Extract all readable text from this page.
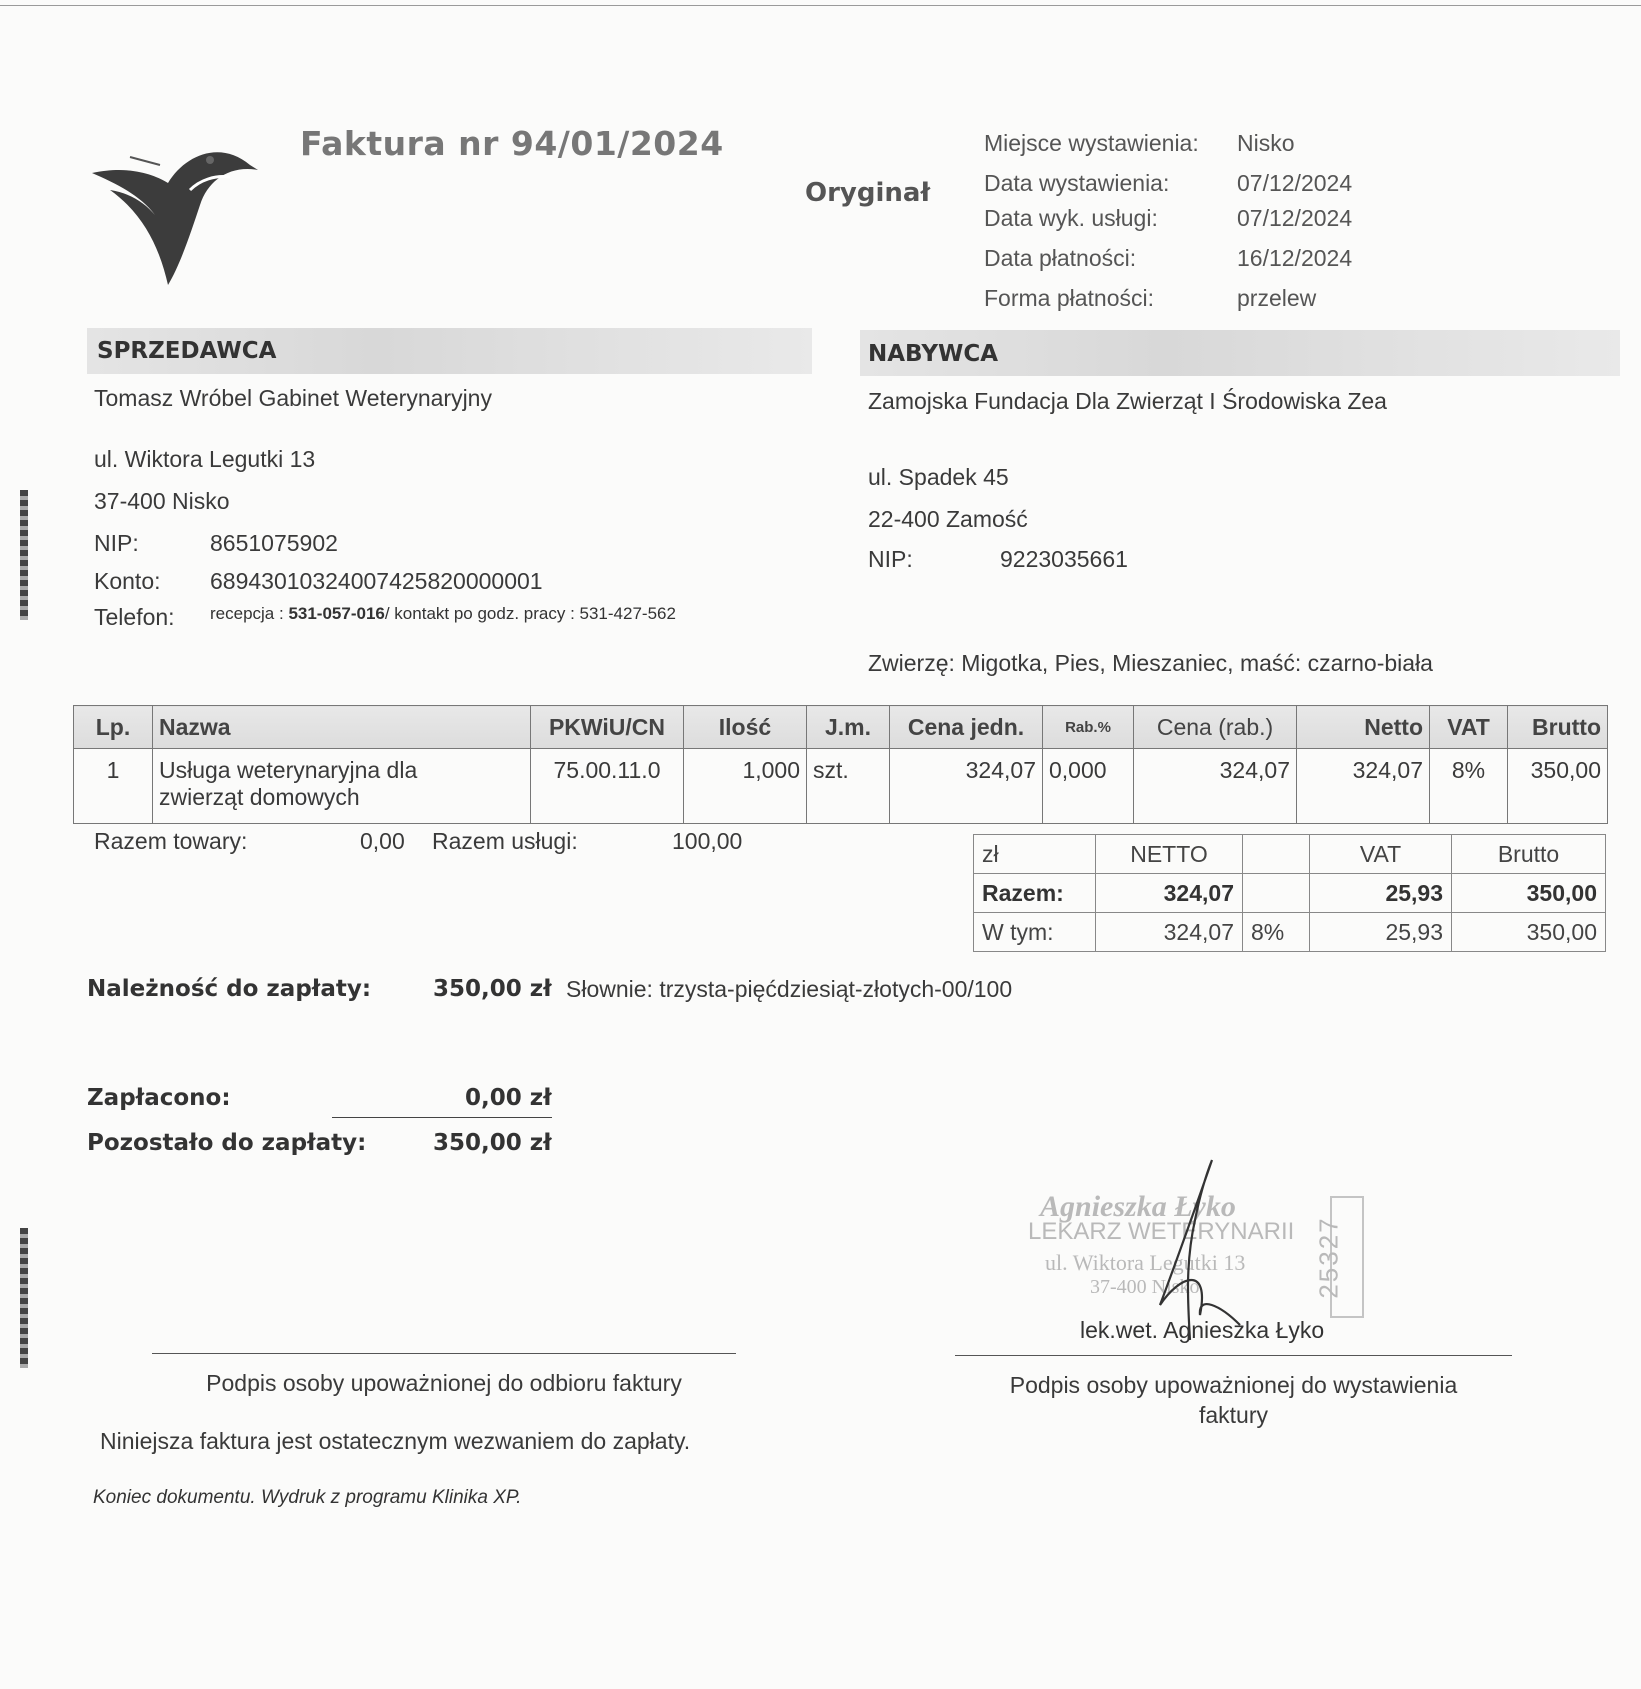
Faktura nr 94/01/2024
Oryginał
Miejsce wystawienia: Nisko
Data wystawienia:	07/12/2024
Data wyk. usługi:	07/12/2024
Data płatności:	16/12/2024
Forma płatności:	przelew
SPRZEDAWCA
Tomasz Wróbel Gabinet Weterynaryjny
ul. Wiktora Legutki 13
37-400 Nisko
NIP:	8651075902
Konto: 68943010324007425820000001
Telefon: recepcja : 531-057-016/ kontakt po godz. pracy : 531-427-562
NABYWCA
Zamojska Fundacja Dla Zwierząt I Środowiska Zea
ul. Spadek 45
22-400 Zamość
NIP:	9223035661
Zwierzę: Migotka, Pies, Mieszaniec, maść: czarno-biała
Lp.	Nazwa	PKWiU/CN	Ilość	J.m.	Cena jedn.	Rab.%	Cena (rab.)	Netto	VAT	Brutto
1	Usługa weterynaryjna dla
zwierząt domowych	75.00.11.0	1,000	szt.	324,07	0,000	324,07	324,07	8%	350,00
Razem towary:	0,00 Razem usługi:	100,00	zł	NETTO		VAT	Brutto
Razem:	324,07		25,93	350,00
W tym:	324,07	8%	25,93	350,00
Należność do zapłaty:	350,00 zł Słownie: trzysta-pięćdziesiąt-złotych-00/100
Zapłacono:	0,00 zł
Pozostało do zapłaty:	350,00 zł
Agnieszka Łyko
LEKARZ WETERYNARII
ul. Wiktora Legutki 13
37-400 Nisko	25327
lek.wet. Agnieszka Łyko
Podpis osoby upoważnionej do odbioru faktury	Podpis osoby upoważnionej do wystawienia
faktury
Niniejsza faktura jest ostatecznym wezwaniem do zapłaty.
Koniec dokumentu. Wydruk z programu Klinika XP.
